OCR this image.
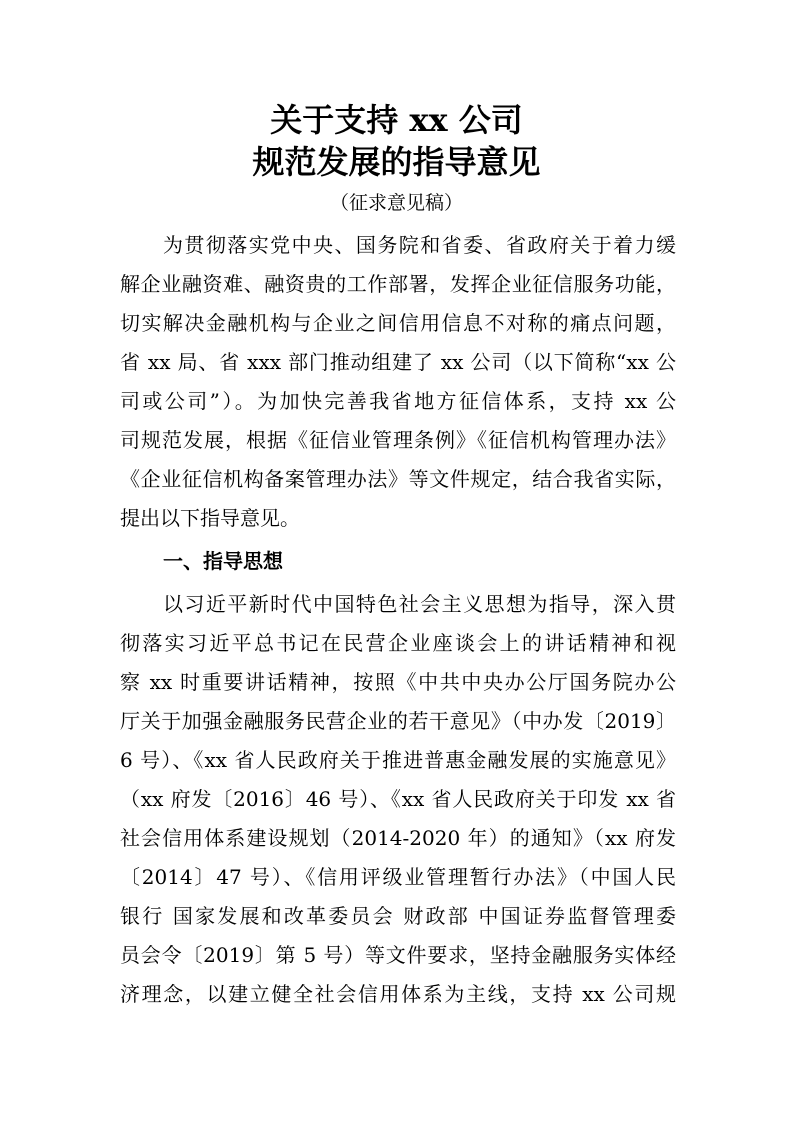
关于支持 xx 公司
规范发展的指导意见

（征求意见稿）

为贯彻落实党中央、国务院和省委、省政府关于着力缓

解企业融资难、融资贵的工作部署，发挥企业征信服务功能，

切实解决金融机构与企业之间信用信息不对称的痛点问题，

省 xx 局、省 xxx 部门推动组建了 xx 公司（以下简称“xx 公

司或公司”）。为加快完善我省地方征信体系，支持 xx 公

司规范发展，根据《征信业管理条例》《征信机构管理办法》

《企业征信机构备案管理办法》等文件规定，结合我省实际，

提出以下指导意见。

一、指导思想

以习近平新时代中国特色社会主义思想为指导，深入贯

彻落实习近平总书记在民营企业座谈会上的讲话精神和视

察 xx 时重要讲话精神，按照《中共中央办公厅国务院办公

厅关于加强金融服务民营企业的若干意见》（中办发〔2019〕

6 号）、《xx 省人民政府关于推进普惠金融发展的实施意见》

（xx 府发〔2016〕46 号）、《xx 省人民政府关于印发 xx 省

社会信用体系建设规划（2014-2020 年）的通知》（xx 府发

〔2014〕47 号）、《信用评级业管理暂行办法》（中国人民

银行 国家发展和改革委员会 财政部 中国证券监督管理委

员会令〔2019〕第 5 号）等文件要求，坚持金融服务实体经

济理念，以建立健全社会信用体系为主线，支持 xx 公司规
